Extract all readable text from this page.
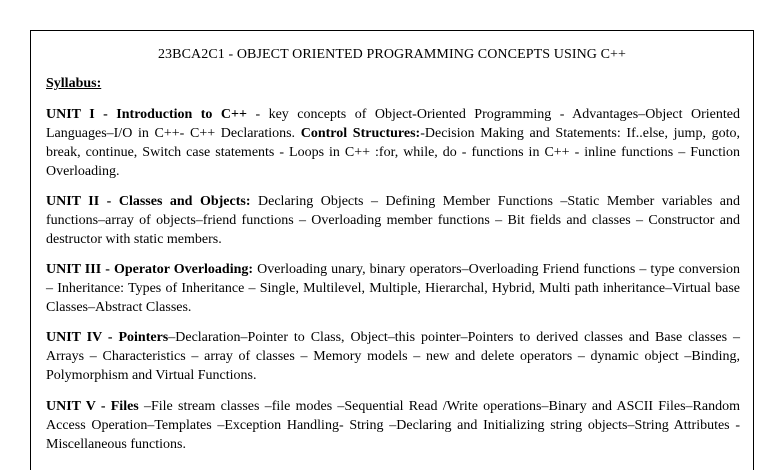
23BCA2C1 - OBJECT ORIENTED PROGRAMMING CONCEPTS USING C++
Syllabus:
UNIT I - Introduction to C++ - key concepts of Object-Oriented Programming - Advantages–Object Oriented Languages–I/O in C++- C++ Declarations. Control Structures:-Decision Making and Statements: If..else, jump, goto, break, continue, Switch case statements - Loops in C++ :for, while, do - functions in C++ - inline functions – Function Overloading.
UNIT II - Classes and Objects: Declaring Objects – Defining Member Functions –Static Member variables and functions–array of objects–friend functions – Overloading member functions – Bit fields and classes – Constructor and destructor with static members.
UNIT III - Operator Overloading: Overloading unary, binary operators–Overloading Friend functions – type conversion – Inheritance: Types of Inheritance – Single, Multilevel, Multiple, Hierarchal, Hybrid, Multi path inheritance–Virtual base Classes–Abstract Classes.
UNIT IV - Pointers–Declaration–Pointer to Class, Object–this pointer–Pointers to derived classes and Base classes – Arrays – Characteristics – array of classes – Memory models – new and delete operators – dynamic object –Binding, Polymorphism and Virtual Functions.
UNIT V - Files –File stream classes –file modes –Sequential Read /Write operations–Binary and ASCII Files–Random Access Operation–Templates –Exception Handling- String –Declaring and Initializing string objects–String Attributes - Miscellaneous functions.
